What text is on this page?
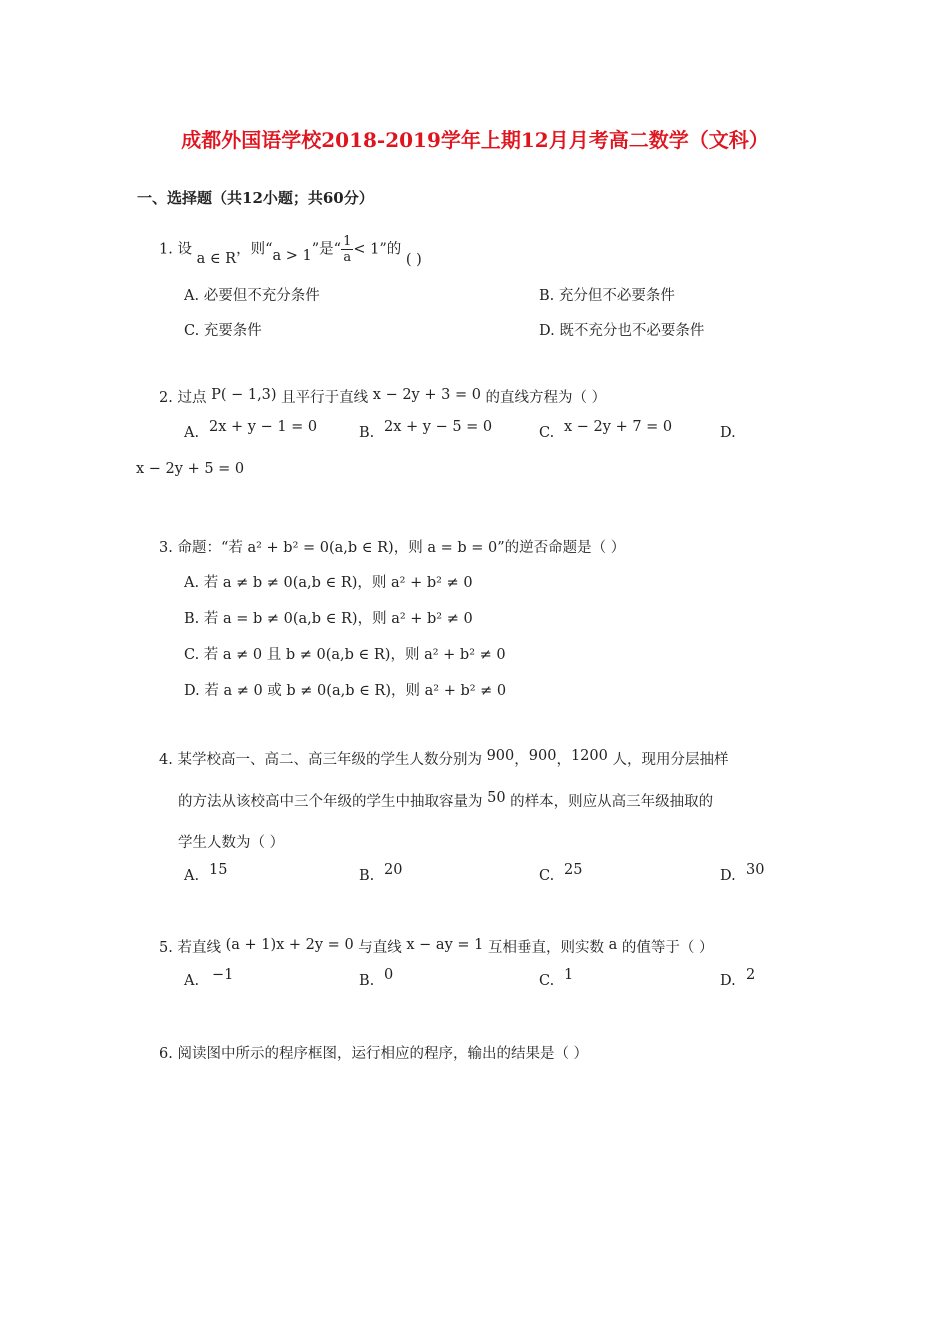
成都外国语学校2018-2019学年上期12月月考高二数学（文科）
一、选择题（共12小题；共60分）
1. 设 a ∈ R，则“a > 1”是“ $\frac{1}{a} < 1$”的 ( )
A. 必要但不充分条件	B. 充分但不必要条件
C. 充要条件	D. 既不充分也不必要条件
2. 过点 P( − 1,3) 且平行于直线 x − 2y + 3 = 0 的直线方程为（ ）
A. 2x + y − 1 = 0	B. 2x + y − 5 = 0	C. x − 2y + 7 = 0	D.
x − 2y + 5 = 0
3. 命题：“若 a² + b² = 0(a,b ∈ R)，则 a = b = 0”的逆否命题是（ ）
A. 若 a ≠ b ≠ 0(a,b ∈ R)，则 a² + b² ≠ 0
B. 若 a = b ≠ 0(a,b ∈ R)，则 a² + b² ≠ 0
C. 若 a ≠ 0 且 b ≠ 0(a,b ∈ R)，则 a² + b² ≠ 0
D. 若 a ≠ 0 或 b ≠ 0(a,b ∈ R)，则 a² + b² ≠ 0
4. 某学校高一、高二、高三年级的学生人数分别为 900，900，1200 人，现用分层抽样
的方法从该校高中三个年级的学生中抽取容量为 50 的样本，则应从高三年级抽取的
学生人数为（ ）
A. 15	B. 20	C. 25	D. 30
5. 若直线 (a + 1)x + 2y = 0 与直线 x − ay = 1 互相垂直，则实数 a 的值等于（ ）
A. −1	B. 0	C. 1	D. 2
6. 阅读图中所示的程序框图，运行相应的程序，输出的结果是（ ）
